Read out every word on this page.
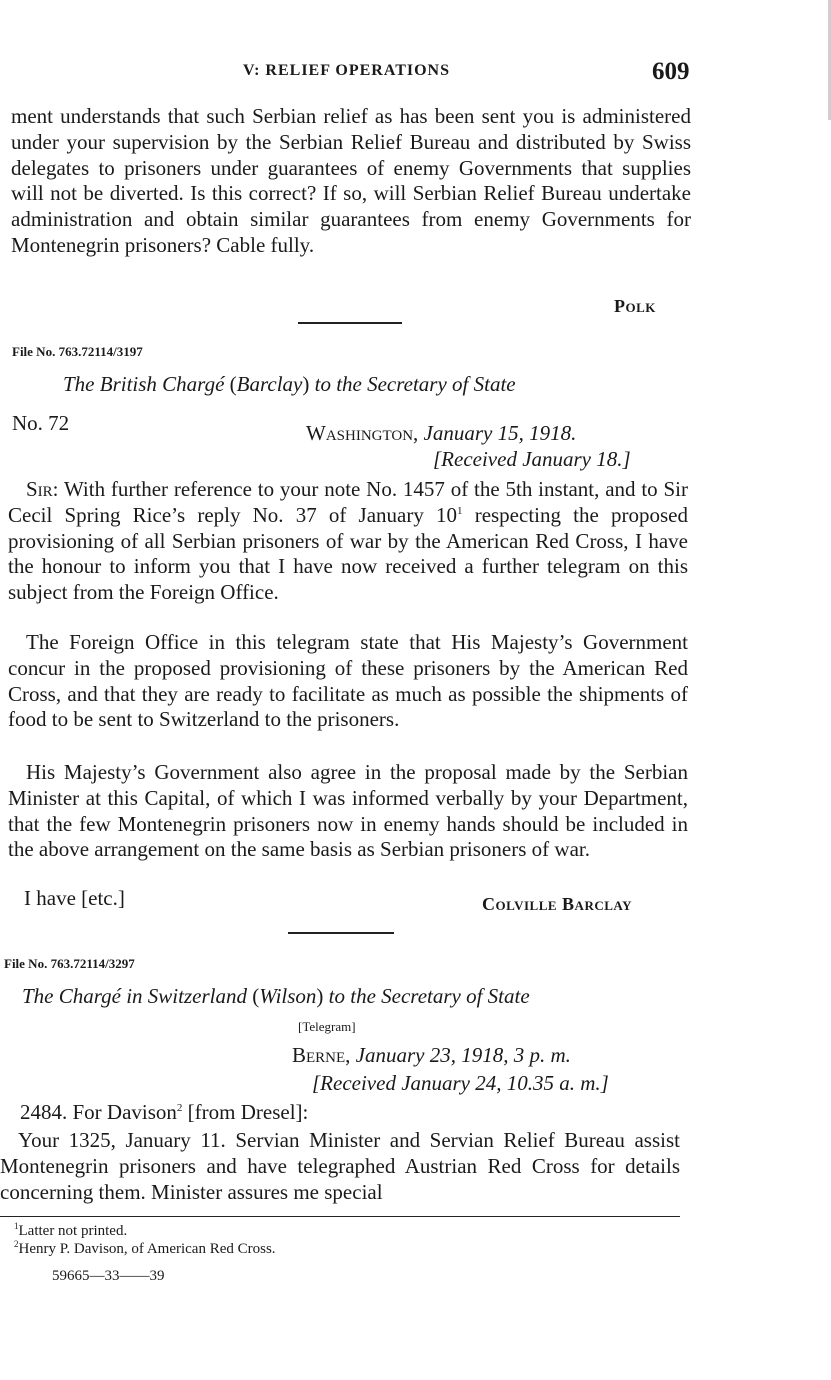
V: RELIEF OPERATIONS	609
ment understands that such Serbian relief as has been sent you is administered under your supervision by the Serbian Relief Bureau and distributed by Swiss delegates to prisoners under guarantees of enemy Governments that supplies will not be diverted. Is this correct? If so, will Serbian Relief Bureau undertake administration and obtain similar guarantees from enemy Governments for Montenegrin prisoners? Cable fully.
Polk
File No. 763.72114/3197
The British Chargé (Barclay) to the Secretary of State
No. 72	Washington, January 15, 1918.
[Received January 18.]
Sir: With further reference to your note No. 1457 of the 5th instant, and to Sir Cecil Spring Rice’s reply No. 37 of January $10^1$ respecting the proposed provisioning of all Serbian prisoners of war by the American Red Cross, I have the honour to inform you that I have now received a further telegram on this subject from the Foreign Office.
The Foreign Office in this telegram state that His Majesty’s Government concur in the proposed provisioning of these prisoners by the American Red Cross, and that they are ready to facilitate as much as possible the shipments of food to be sent to Switzerland to the prisoners.
His Majesty’s Government also agree in the proposal made by the Serbian Minister at this Capital, of which I was informed verbally by your Department, that the few Montenegrin prisoners now in enemy hands should be included in the above arrangement on the same basis as Serbian prisoners of war.
I have [etc.]	Colville Barclay
File No. 763.72114/3297
The Chargé in Switzerland (Wilson) to the Secretary of State
[Telegram]
Berne, January 23, 1918, 3 p. m.
[Received January 24, 10.35 a. m.]
2484. For Davison$^2$ [from Dresel]:
Your 1325, January 11. Servian Minister and Servian Relief Bureau assist Montenegrin prisoners and have telegraphed Austrian Red Cross for details concerning them. Minister assures me special
$^1$Latter not printed.
$^2$Henry P. Davison, of American Red Cross.
59665—33——39
